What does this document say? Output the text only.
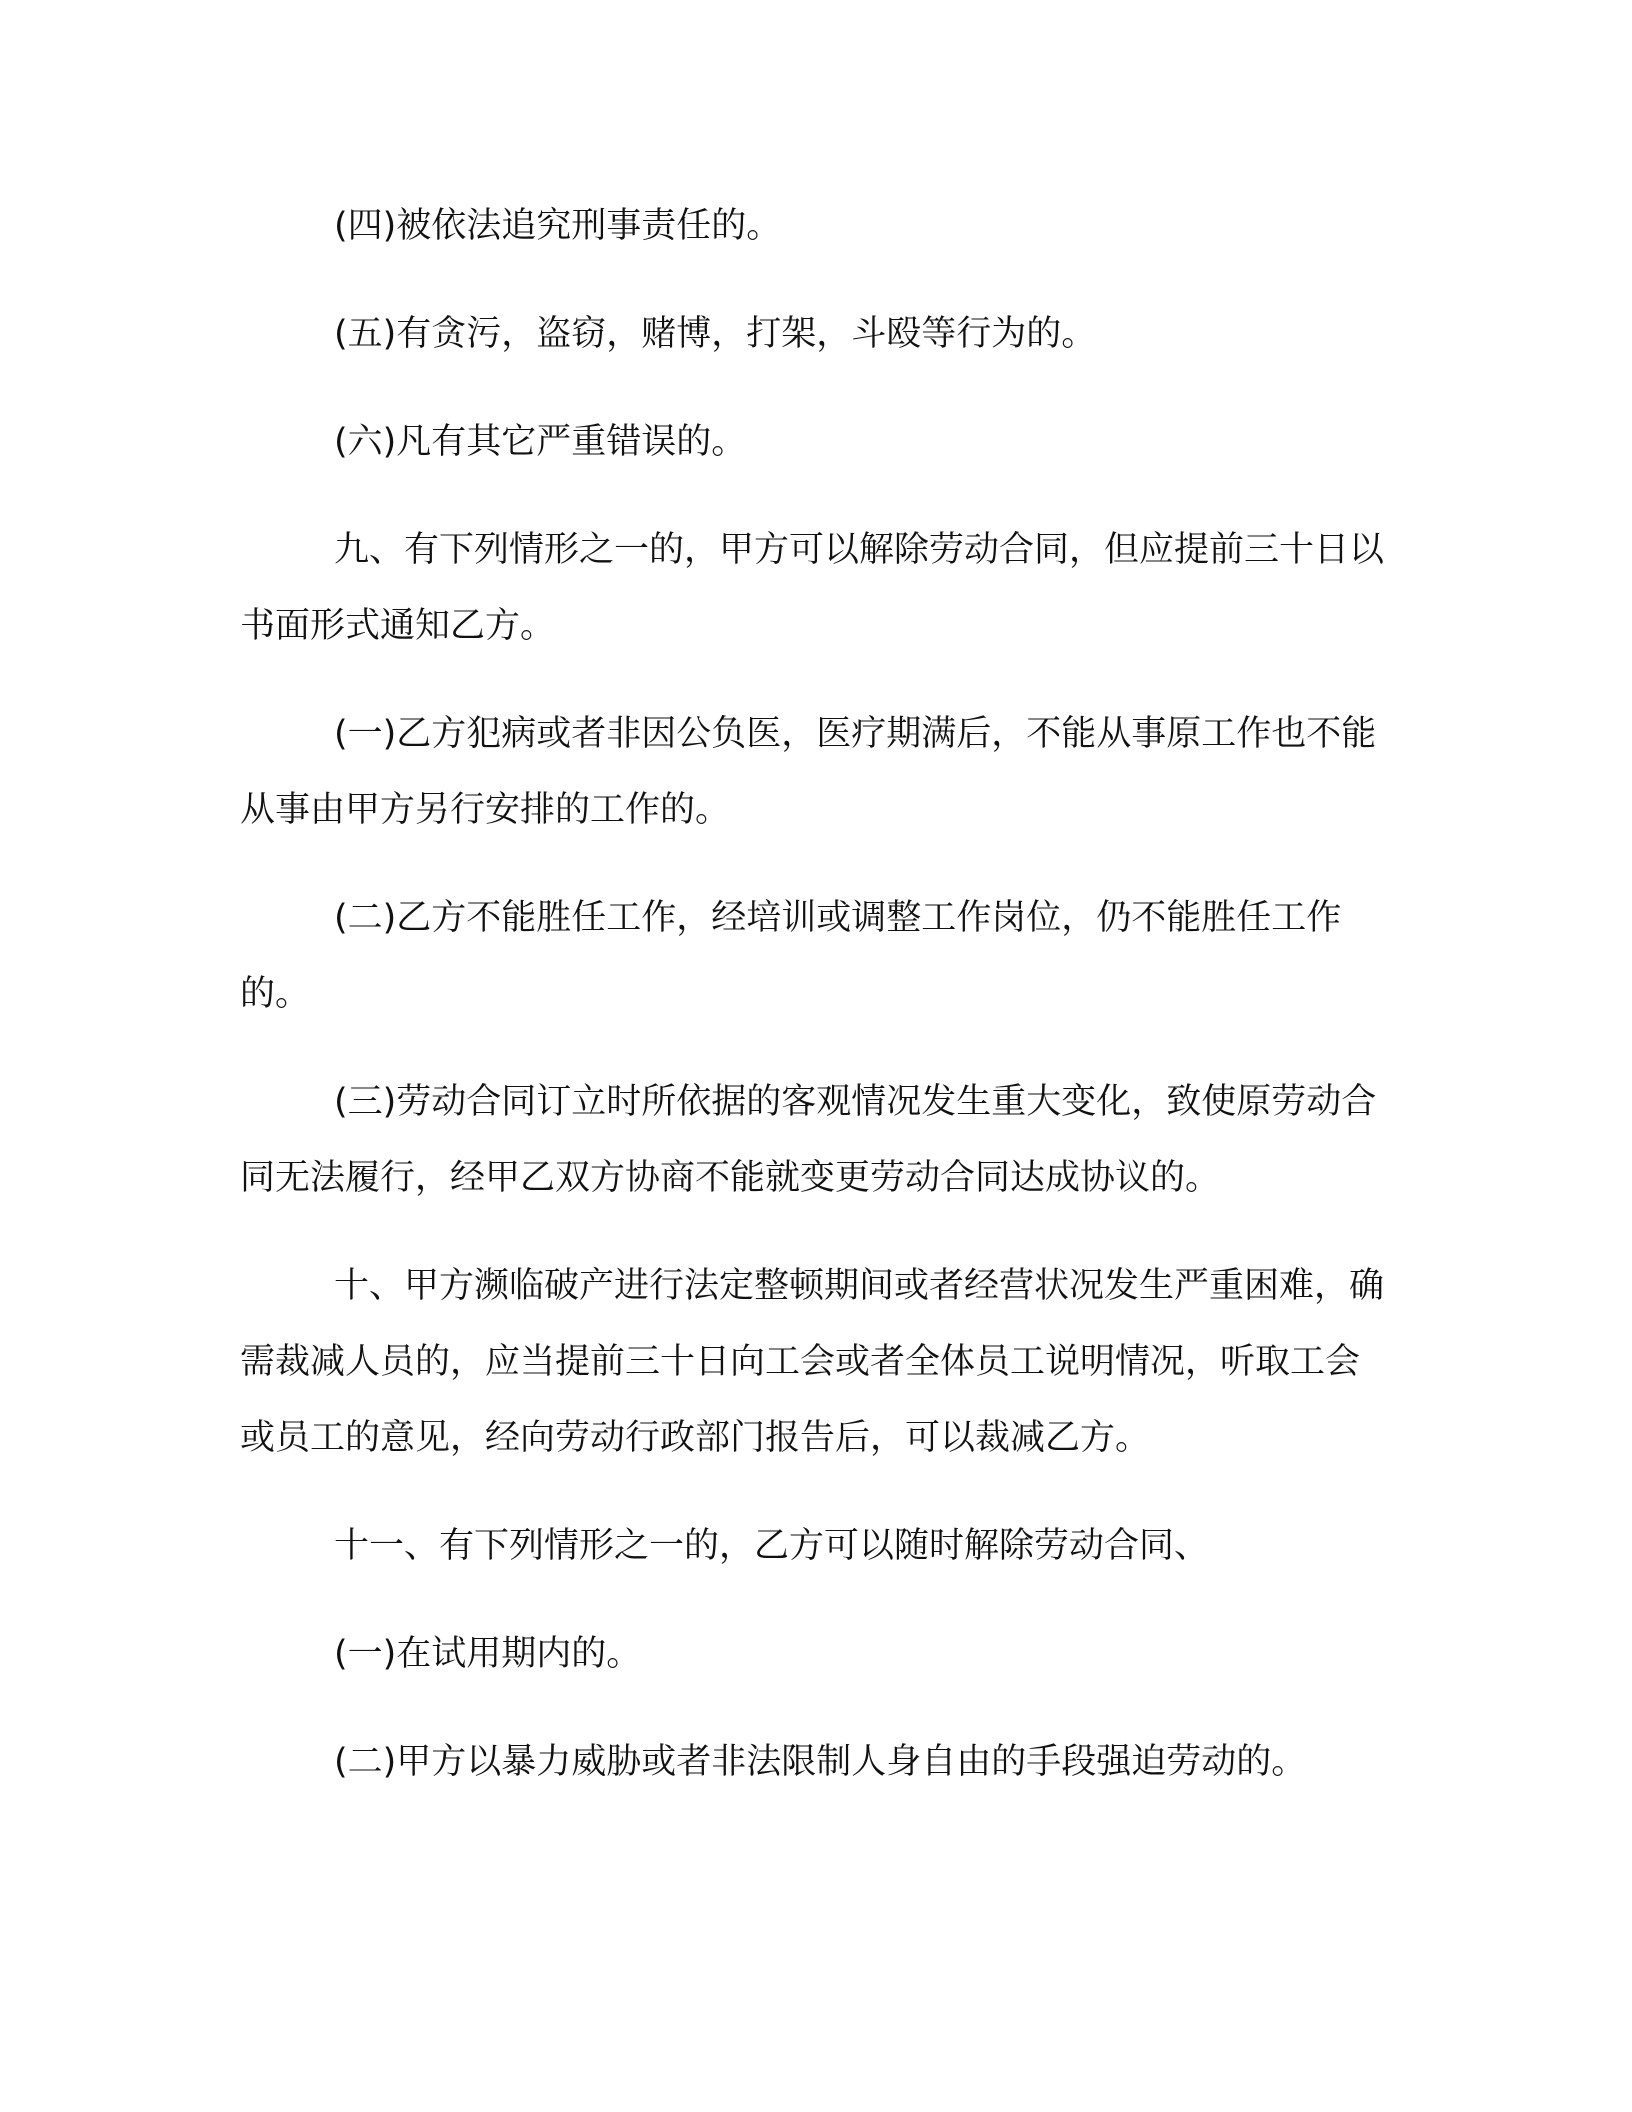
(四)被依法追究刑事责任的。

(五)有贪污，盗窃，赌博，打架，斗殴等行为的。

(六)凡有其它严重错误的。

九、有下列情形之一的，甲方可以解除劳动合同，但应提前三十日以书面形式通知乙方。

(一)乙方犯病或者非因公负医，医疗期满后，不能从事原工作也不能从事由甲方另行安排的工作的。

(二)乙方不能胜任工作，经培训或调整工作岗位，仍不能胜任工作的。

(三)劳动合同订立时所依据的客观情况发生重大变化，致使原劳动合同无法履行，经甲乙双方协商不能就变更劳动合同达成协议的。

十、甲方濒临破产进行法定整顿期间或者经营状况发生严重困难，确需裁减人员的，应当提前三十日向工会或者全体员工说明情况，听取工会或员工的意见，经向劳动行政部门报告后，可以裁减乙方。

十一、有下列情形之一的，乙方可以随时解除劳动合同、

(一)在试用期内的。

(二)甲方以暴力威胁或者非法限制人身自由的手段强迫劳动的。
